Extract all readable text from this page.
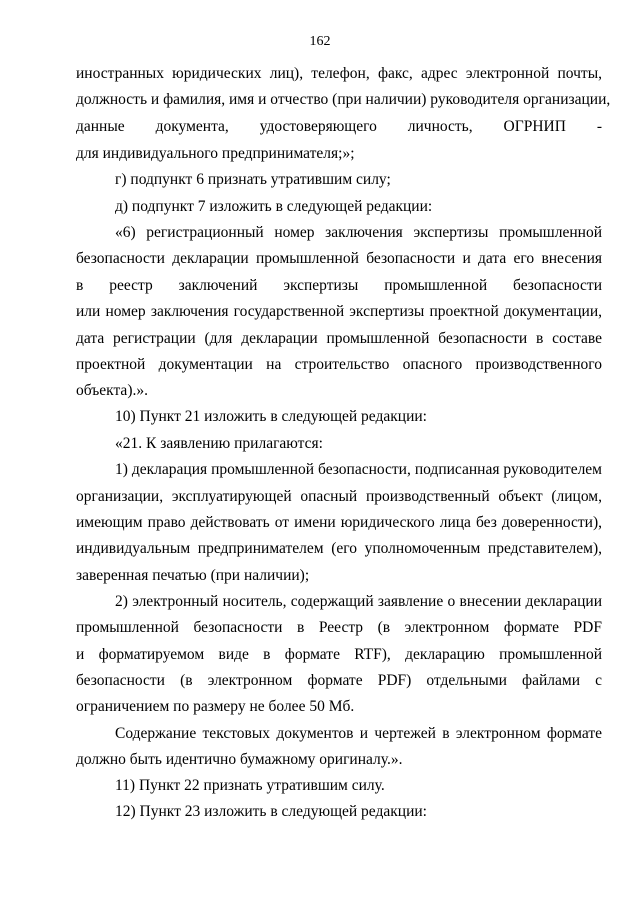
162
иностранных юридических лиц), телефон, факс, адрес электронной почты,
должность и фамилия, имя и отчество (при наличии) руководителя организации,
данные документа, удостоверяющего личность, ОГРНИП -
для индивидуального предпринимателя;»;
г) подпункт 6 признать утратившим силу;
д) подпункт 7 изложить в следующей редакции:
«6) регистрационный номер заключения экспертизы промышленной
безопасности декларации промышленной безопасности и дата его внесения
в реестр заключений экспертизы промышленной безопасности
или номер заключения государственной экспертизы проектной документации,
дата регистрации (для декларации промышленной безопасности в составе
проектной документации на строительство опасного производственного
объекта).».
10) Пункт 21 изложить в следующей редакции:
«21. К заявлению прилагаются:
1) декларация промышленной безопасности, подписанная руководителем
организации, эксплуатирующей опасный производственный объект (лицом,
имеющим право действовать от имени юридического лица без доверенности),
индивидуальным предпринимателем (его уполномоченным представителем),
заверенная печатью (при наличии);
2) электронный носитель, содержащий заявление о внесении декларации
промышленной безопасности в Реестр (в электронном формате PDF
и форматируемом виде в формате RTF), декларацию промышленной
безопасности (в электронном формате PDF) отдельными файлами с
ограничением по размеру не более 50 Мб.
Содержание текстовых документов и чертежей в электронном формате
должно быть идентично бумажному оригиналу.».
11) Пункт 22 признать утратившим силу.
12) Пункт 23 изложить в следующей редакции:
